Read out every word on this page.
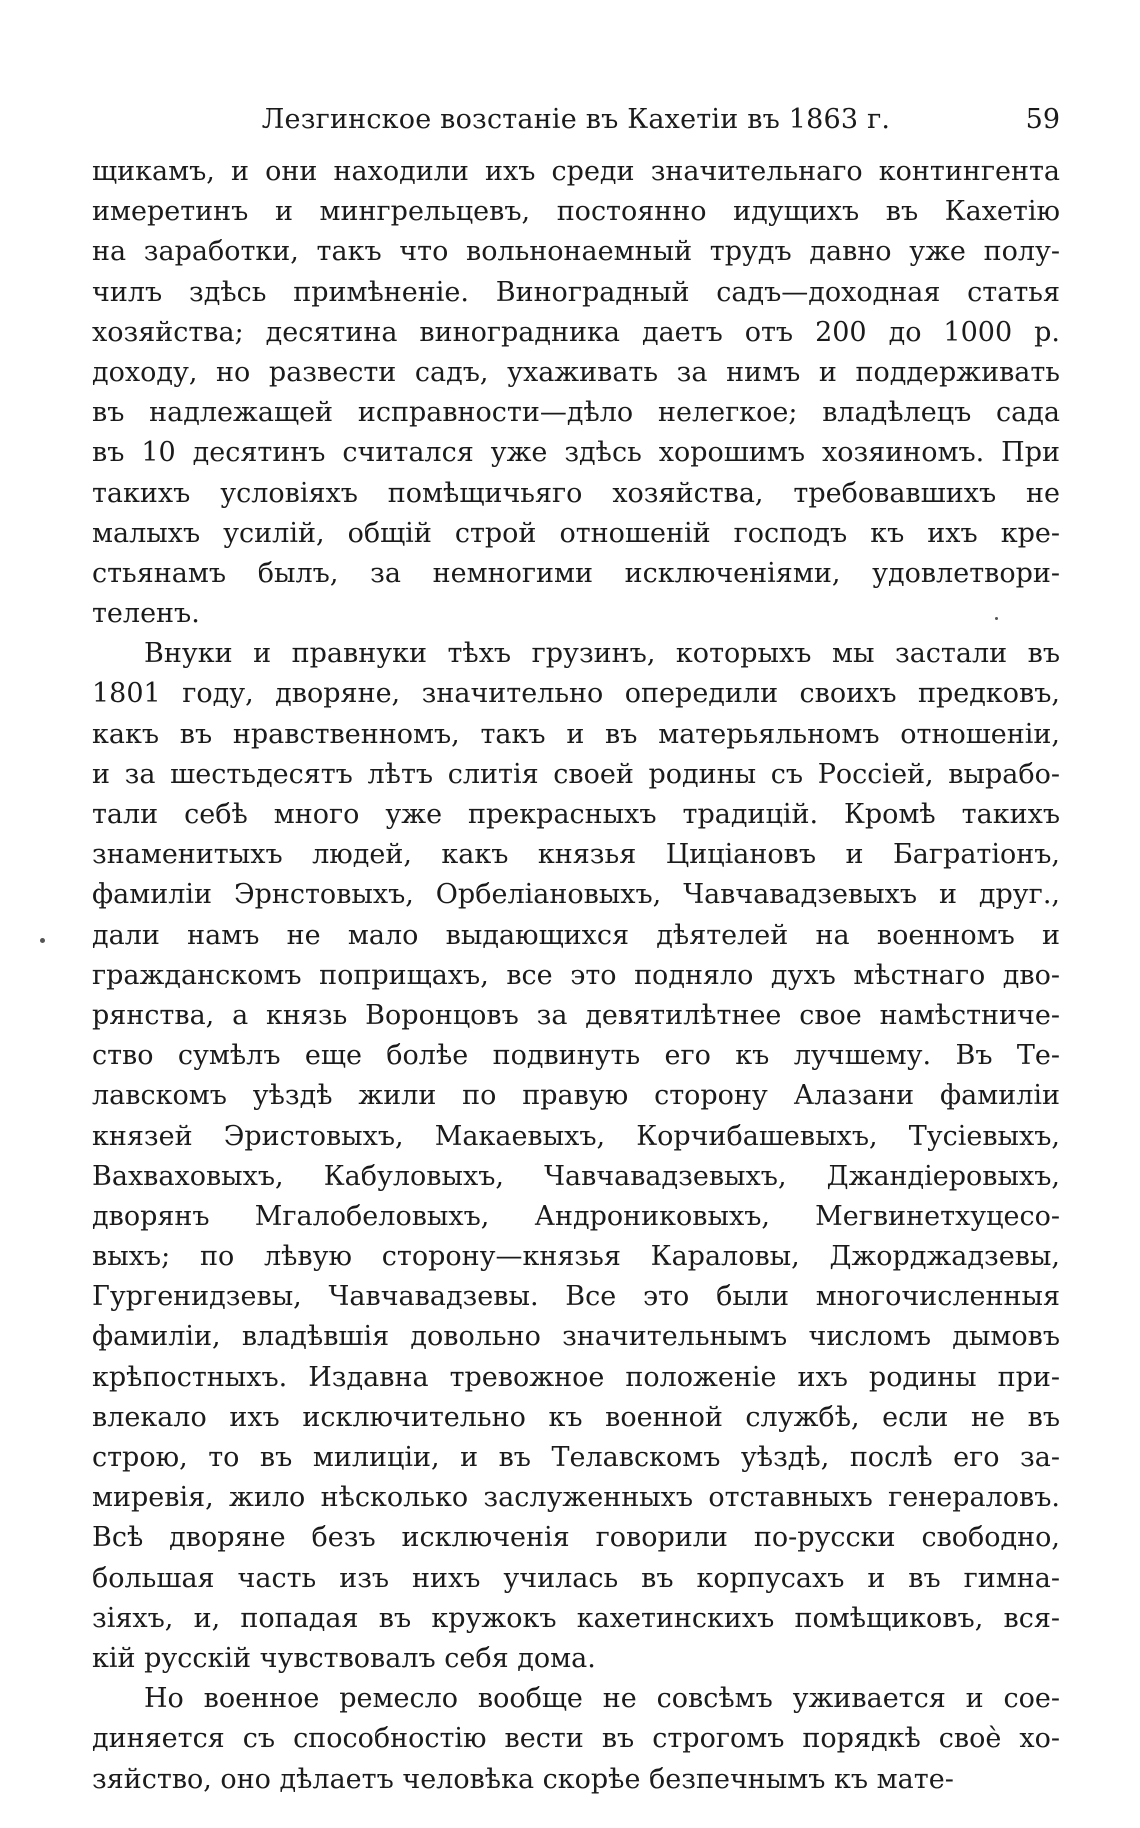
Лезгинское возстаніе въ Кахетіи въ 1863 г.	59
щикамъ, и они находили ихъ среди значительнаго контингента
имеретинъ и мингрельцевъ, постоянно идущихъ въ Кахетію
на заработки, такъ что вольнонаемный трудъ давно уже полу-
чилъ здѣсь примѣненіе. Виноградный садъ—доходная статья
хозяйства; десятина виноградника даетъ отъ 200 до 1000 р.
доходу, но развести садъ, ухаживать за нимъ и поддерживать
въ надлежащей исправности—дѣло нелегкое; владѣлецъ сада
въ 10 десятинъ считался уже здѣсь хорошимъ хозяиномъ. При
такихъ условіяхъ помѣщичьяго хозяйства, требовавшихъ не
малыхъ усилій, общій строй отношеній господъ къ ихъ кре-
стьянамъ былъ, за немногими исключеніями, удовлетвори-
теленъ.
Внуки и правнуки тѣхъ грузинъ, которыхъ мы застали въ
1801 году, дворяне, значительно опередили своихъ предковъ,
какъ въ нравственномъ, такъ и въ матерьяльномъ отношеніи,
и за шестьдесятъ лѣтъ слитія своей родины съ Россіей, вырабо-
тали себѣ много уже прекрасныхъ традицій. Кромѣ такихъ
знаменитыхъ людей, какъ князья Циціановъ и Багратіонъ,
фамиліи Эрнстовыхъ, Орбеліановыхъ, Чавчавадзевыхъ и друг.,
дали намъ не мало выдающихся дѣятелей на военномъ и
гражданскомъ поприщахъ, все это подняло духъ мѣстнаго дво-
рянства, а князь Воронцовъ за девятилѣтнее свое намѣстниче-
ство сумѣлъ еще болѣе подвинуть его къ лучшему. Въ Те-
лавскомъ уѣздѣ жили по правую сторону Алазани фамиліи
князей Эристовыхъ, Макаевыхъ, Корчибашевыхъ, Тусіевыхъ,
Вахваховыхъ, Кабуловыхъ, Чавчавадзевыхъ, Джандіеровыхъ,
дворянъ Мгалобеловыхъ, Андрониковыхъ, Мегвинетхуцесо-
выхъ; по лѣвую сторону—князья Караловы, Джорджадзевы,
Гургенидзевы, Чавчавадзевы. Все это были многочисленныя
фамиліи, владѣвшія довольно значительнымъ числомъ дымовъ
крѣпостныхъ. Издавна тревожное положеніе ихъ родины при-
влекало ихъ исключительно къ военной службѣ, если не въ
строю, то въ милиціи, и въ Телавскомъ уѣздѣ, послѣ его за-
миревія, жило нѣсколько заслуженныхъ отставныхъ генераловъ.
Всѣ дворяне безъ исключенія говорили по-русски свободно,
большая часть изъ нихъ училась въ корпусахъ и въ гимна-
зіяхъ, и, попадая въ кружокъ кахетинскихъ помѣщиковъ, вся-
кій русскій чувствовалъ себя дома.
Но военное ремесло вообще не совсѣмъ уживается и сое-
диняется съ способностію вести въ строгомъ порядкѣ своѐ хо-
зяйство, оно дѣлаетъ человѣка скорѣе безпечнымъ къ мате-
